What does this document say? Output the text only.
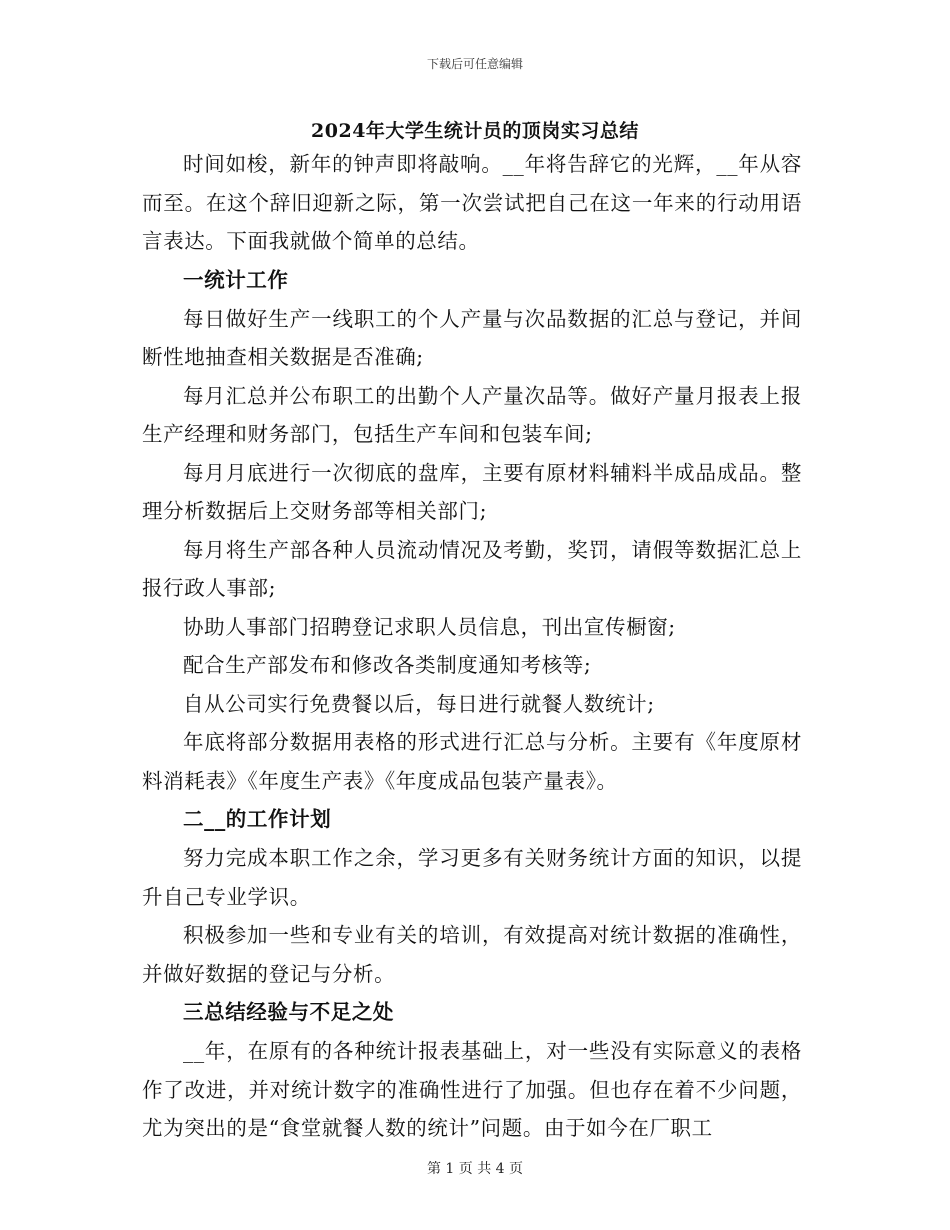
下载后可任意编辑
2024年大学生统计员的顶岗实习总结

时间如梭，新年的钟声即将敲响。__年将告辞它的光辉，__年从容而至。在这个辞旧迎新之际，第一次尝试把自己在这一年来的行动用语言表达。下面我就做个简单的总结。

一统计工作

每日做好生产一线职工的个人产量与次品数据的汇总与登记，并间断性地抽查相关数据是否准确;

每月汇总并公布职工的出勤个人产量次品等。做好产量月报表上报生产经理和财务部门，包括生产车间和包装车间;

每月月底进行一次彻底的盘库，主要有原材料辅料半成品成品。整理分析数据后上交财务部等相关部门;

每月将生产部各种人员流动情况及考勤，奖罚，请假等数据汇总上报行政人事部;

协助人事部门招聘登记求职人员信息，刊出宣传橱窗;

配合生产部发布和修改各类制度通知考核等;

自从公司实行免费餐以后，每日进行就餐人数统计;

年底将部分数据用表格的形式进行汇总与分析。主要有《年度原材料消耗表》《年度生产表》《年度成品包装产量表》。

二__的工作计划

努力完成本职工作之余，学习更多有关财务统计方面的知识，以提升自己专业学识。

积极参加一些和专业有关的培训，有效提高对统计数据的准确性，并做好数据的登记与分析。

三总结经验与不足之处

__年，在原有的各种统计报表基础上，对一些没有实际意义的表格作了改进，并对统计数字的准确性进行了加强。但也存在着不少问题，尤为突出的是“食堂就餐人数的统计”问题。由于如今在厂职工

第 1 页 共 4 页
